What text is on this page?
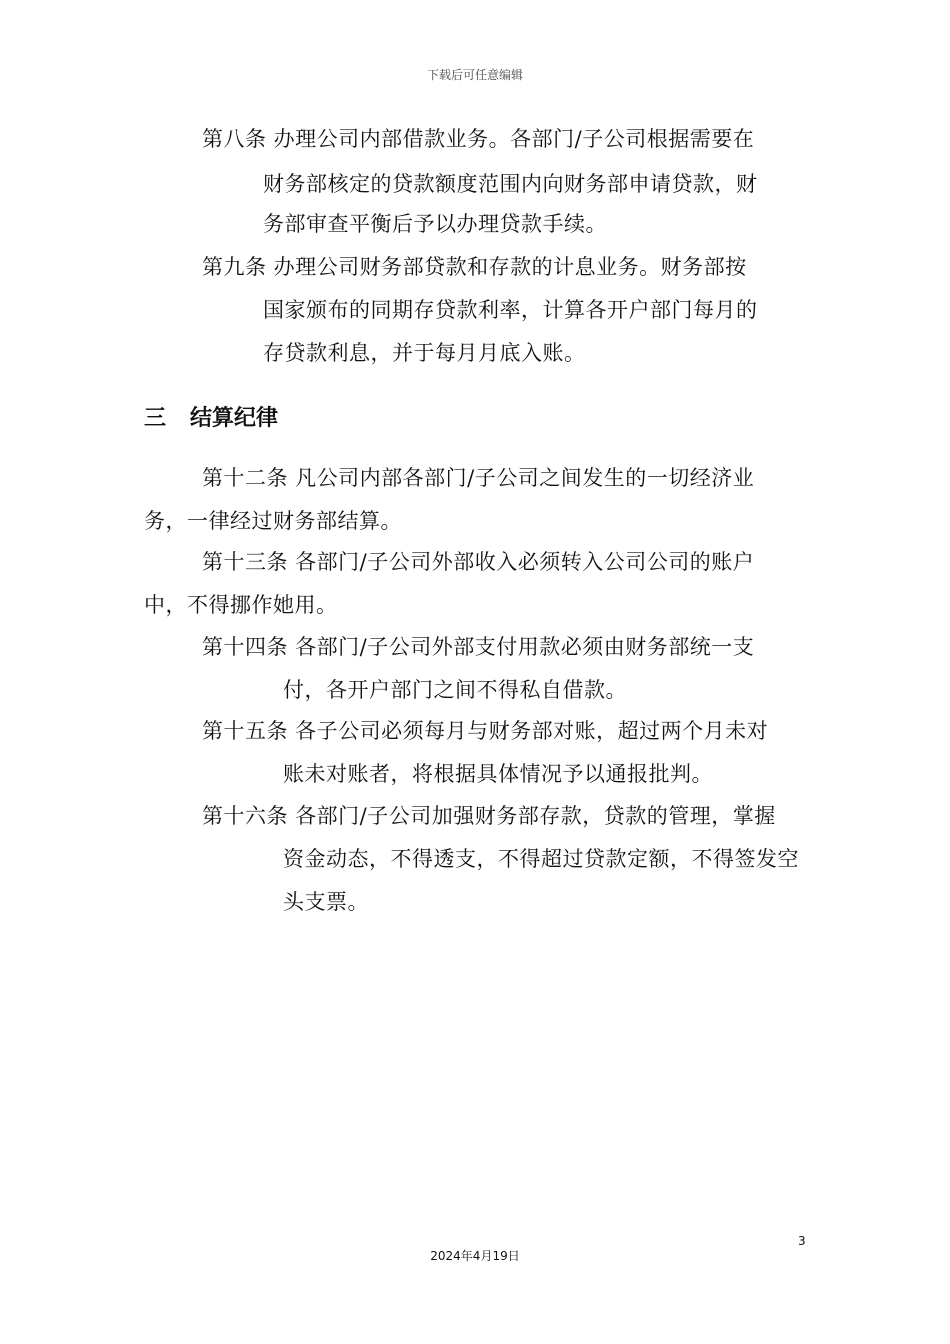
下载后可任意编辑
第八条 办理公司内部借款业务。各部门/子公司根据需要在
财务部核定的贷款额度范围内向财务部申请贷款，财
务部审查平衡后予以办理贷款手续。
第九条 办理公司财务部贷款和存款的计息业务。财务部按
国家颁布的同期存贷款利率，计算各开户部门每月的
存贷款利息，并于每月月底入账。
三 结算纪律
第十二条 凡公司内部各部门/子公司之间发生的一切经济业
务，一律经过财务部结算。
第十三条 各部门/子公司外部收入必须转入公司公司的账户
中，不得挪作她用。
第十四条 各部门/子公司外部支付用款必须由财务部统一支
付，各开户部门之间不得私自借款。
第十五条 各子公司必须每月与财务部对账，超过两个月未对
账未对账者，将根据具体情况予以通报批判。
第十六条 各部门/子公司加强财务部存款，贷款的管理，掌握
资金动态，不得透支，不得超过贷款定额，不得签发空
头支票。
3
2024年4月19日
